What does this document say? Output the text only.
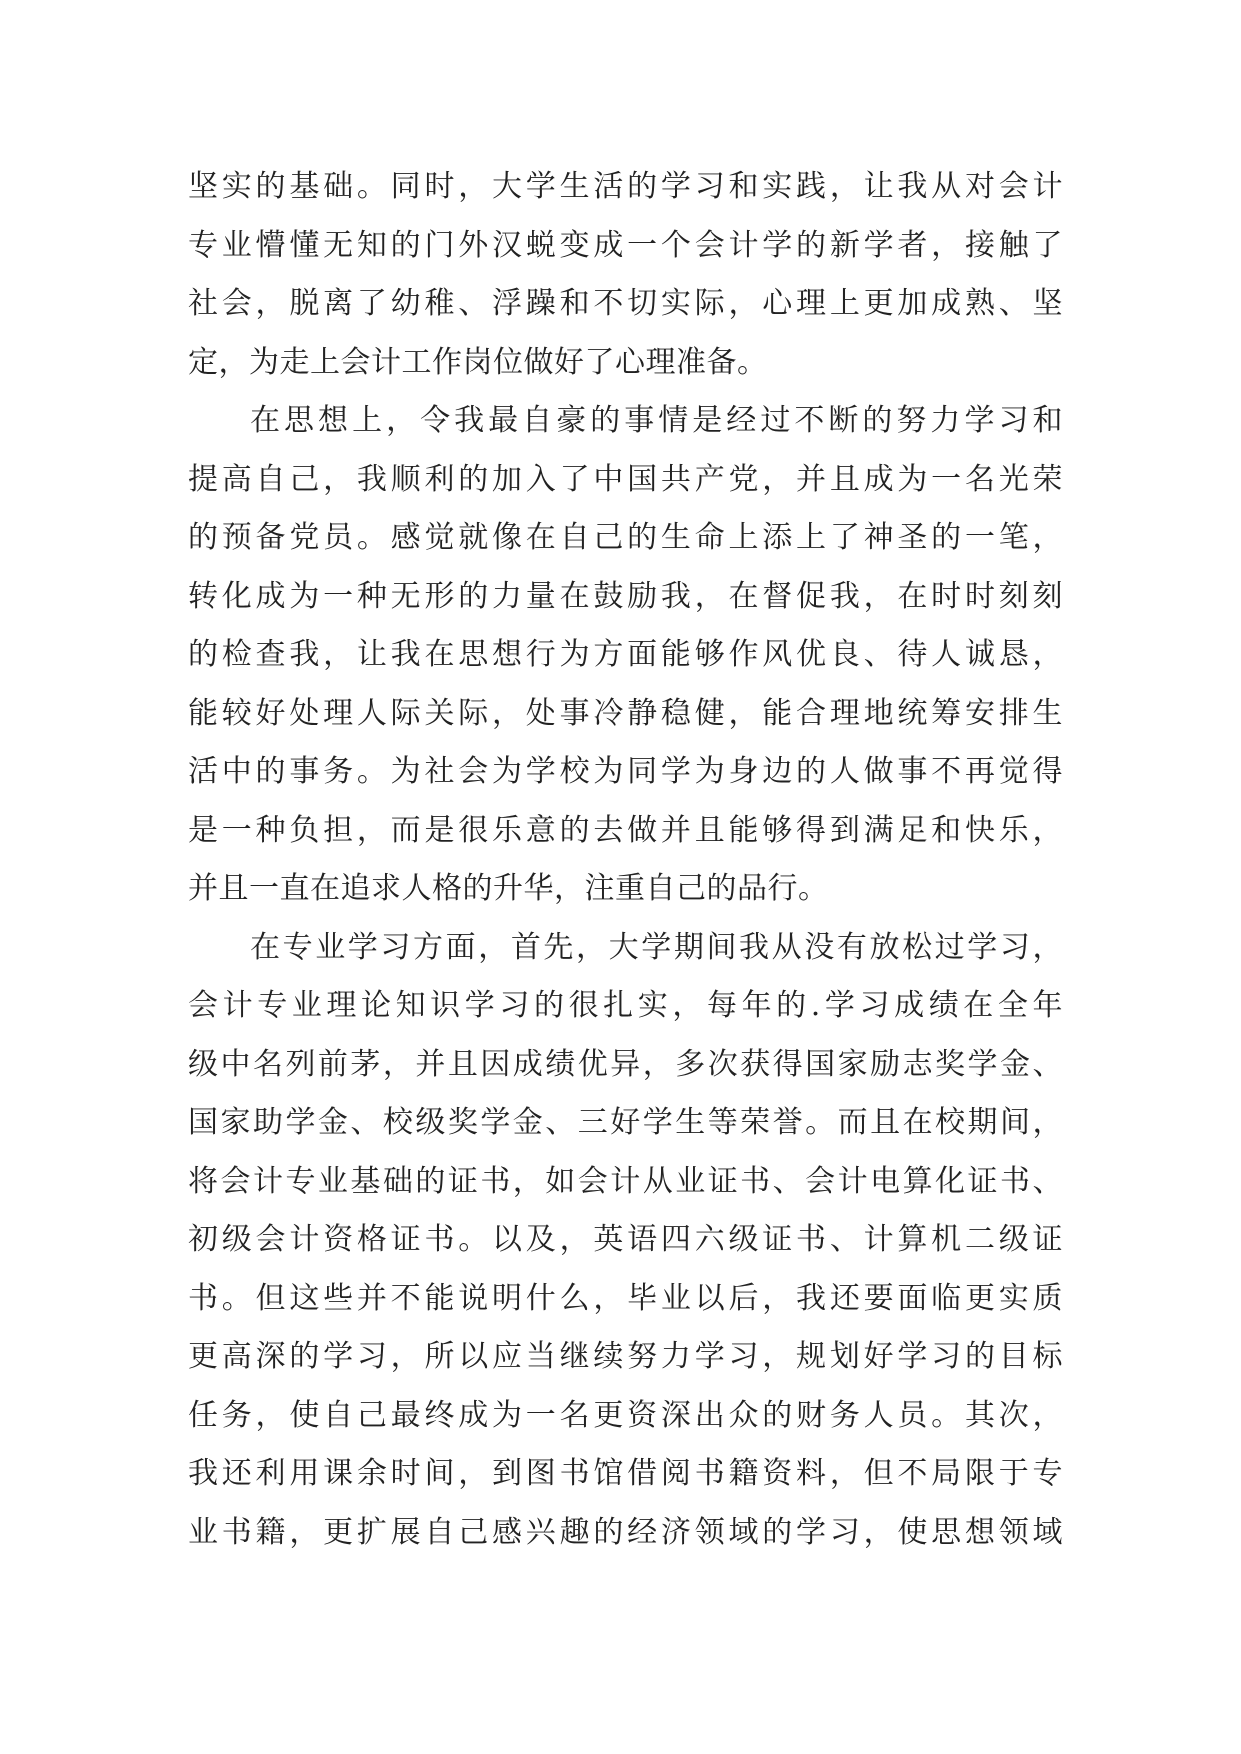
坚实的基础。同时，大学生活的学习和实践，让我从对会计
专业懵懂无知的门外汉蜕变成一个会计学的新学者，接触了
社会，脱离了幼稚、浮躁和不切实际，心理上更加成熟、坚
定，为走上会计工作岗位做好了心理准备。
在思想上，令我最自豪的事情是经过不断的努力学习和
提高自己，我顺利的加入了中国共产党，并且成为一名光荣
的预备党员。感觉就像在自己的生命上添上了神圣的一笔，
转化成为一种无形的力量在鼓励我，在督促我，在时时刻刻
的检查我，让我在思想行为方面能够作风优良、待人诚恳，
能较好处理人际关际，处事冷静稳健，能合理地统筹安排生
活中的事务。为社会为学校为同学为身边的人做事不再觉得
是一种负担，而是很乐意的去做并且能够得到满足和快乐，
并且一直在追求人格的升华，注重自己的品行。
在专业学习方面，首先，大学期间我从没有放松过学习，
会计专业理论知识学习的很扎实，每年的.学习成绩在全年
级中名列前茅，并且因成绩优异，多次获得国家励志奖学金、
国家助学金、校级奖学金、三好学生等荣誉。而且在校期间，
将会计专业基础的证书，如会计从业证书、会计电算化证书、
初级会计资格证书。以及，英语四六级证书、计算机二级证
书。但这些并不能说明什么，毕业以后，我还要面临更实质
更高深的学习，所以应当继续努力学习，规划好学习的目标
任务，使自己最终成为一名更资深出众的财务人员。其次，
我还利用课余时间，到图书馆借阅书籍资料，但不局限于专
业书籍，更扩展自己感兴趣的经济领域的学习，使思想领域
